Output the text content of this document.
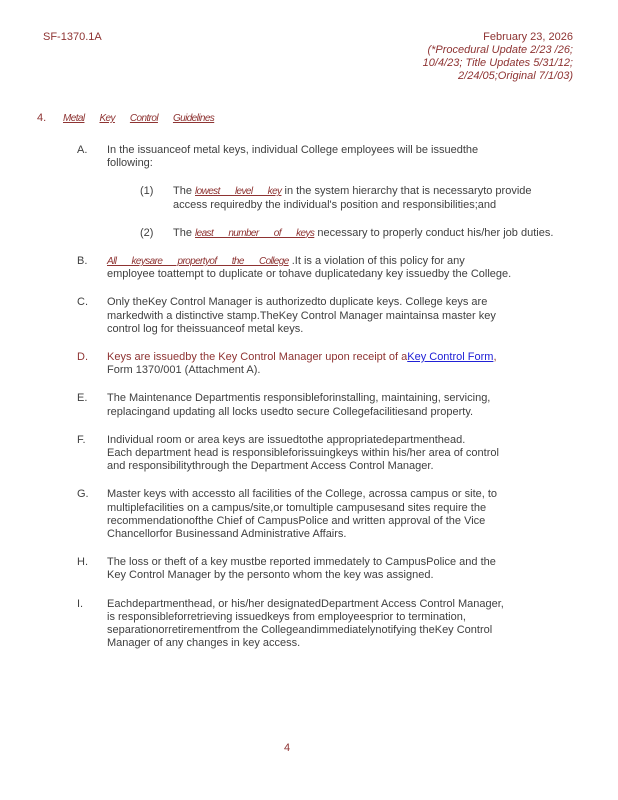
SF-1370.1A	February 23, 2026
(*Procedural Update 2/23 /26;
10/4/23; Title Updates 5/31/12;
2/24/05;Original 7/1/03)
4. Metal Key Control Guidelines
A.	In the issuanceof metal keys, individual College employees will be issuedthe
following:
(1)	The lowest level key in the system hierarchy that is necessaryto provide
access requiredby the individual's position and responsibilities;and
(2)	The least number of keys necessary to properly conduct his/her job duties.
B.	All keysare propertyof the College .It is a violation of this policy for any
employee toattempt to duplicate or tohave duplicatedany key issuedby the College.
C.	Only theKey Control Manager is authorizedto duplicate keys. College keys are
markedwith a distinctive stamp.TheKey Control Manager maintainsa master key
control log for theissuanceof metal keys.
D.	Keys are issuedby the Key Control Manager upon receipt of aKey Control Form,
Form 1370/001 (Attachment A).
E.	The Maintenance Departmentis responsibleforinstalling, maintaining, servicing,
replacingand updating all locks usedto secure Collegefacilitiesand property.
F.	Individual room or area keys are issuedtothe appropriatedepartmenthead.
Each department head is responsibleforissuingkeys within his/her area of control
and responsibilitythrough the Department Access Control Manager.
G.	Master keys with accessto all facilities of the College, acrossa campus or site, to
multiplefacilities on a campus/site,or tomultiple campusesand sites require the
recommendationofthe Chief of CampusPolice and written approval of the Vice
Chancellorfor Businessand Administrative Affairs.
H.	The loss or theft of a key mustbe reported immedately to CampusPolice and the
Key Control Manager by the personto whom the key was assigned.
I.	Eachdepartmenthead, or his/her designatedDepartment Access Control Manager,
is responsibleforretrieving issuedkeys from employeesprior to termination,
separationorretirementfrom the Collegeandimmediatelynotifying theKey Control
Manager of any changes in key access.
4
